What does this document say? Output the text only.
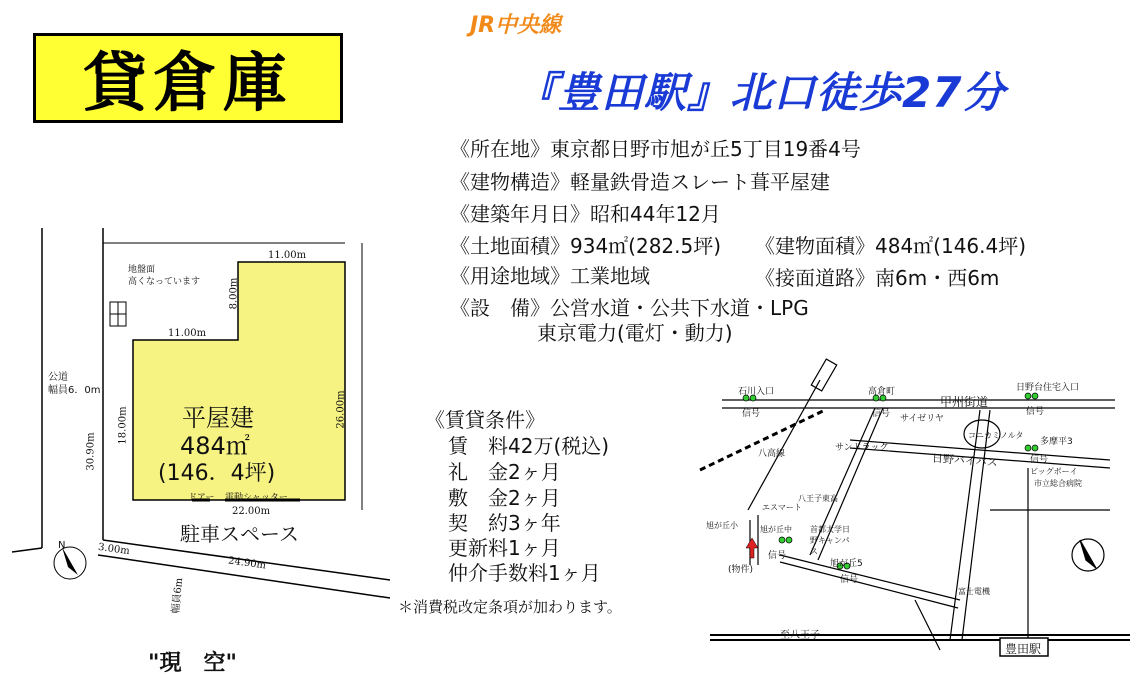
貸倉庫
JR中央線
『豊田駅』北口徒歩27分
《所在地》東京都日野市旭が丘5丁目19番4号
《建物構造》軽量鉄骨造スレート葺平屋建
《建築年月日》昭和44年12月
《土地面積》934㎡(282.5坪) 《建物面積》484㎡(146.4坪)
《用途地域》工業地域	《接面道路》南6m・西6m
《設　備》公営水道・公共下水道・LPG
東京電力(電灯・動力)
《賃貸条件》
賃　料42万(税込)
礼　金2ヶ月
敷　金2ヶ月
契　約3ヶ年
更新料1ヶ月
仲介手数料1ヶ月
＊消費税改定条項が加わります。
"現　空"
11.00m
8.00m
11.00m
18.00m	26.00m
22.00m
30.90m
3.00m
24.90m
幅員6m
地盤面
高くなっています
公道
幅員6．0m
平屋建
484㎡
(146．4坪)
ドアー 電動シャッター
駐車スペース
N
石川入口
信号
高倉町
信号
日野台住宅入口
信号
甲州街道
サイゼリヤ
サンドラッグ
コニカミノルタ
多摩平3
信号
日野バイパス
ビッグボーイ
市立総合病院
八高線
八王子東高
エスマート
旭が丘小	旭が丘中 首都大学日野キャンパス
信号
旭が丘5
信号
(物件)
富士電機
至八王子
豊田駅
